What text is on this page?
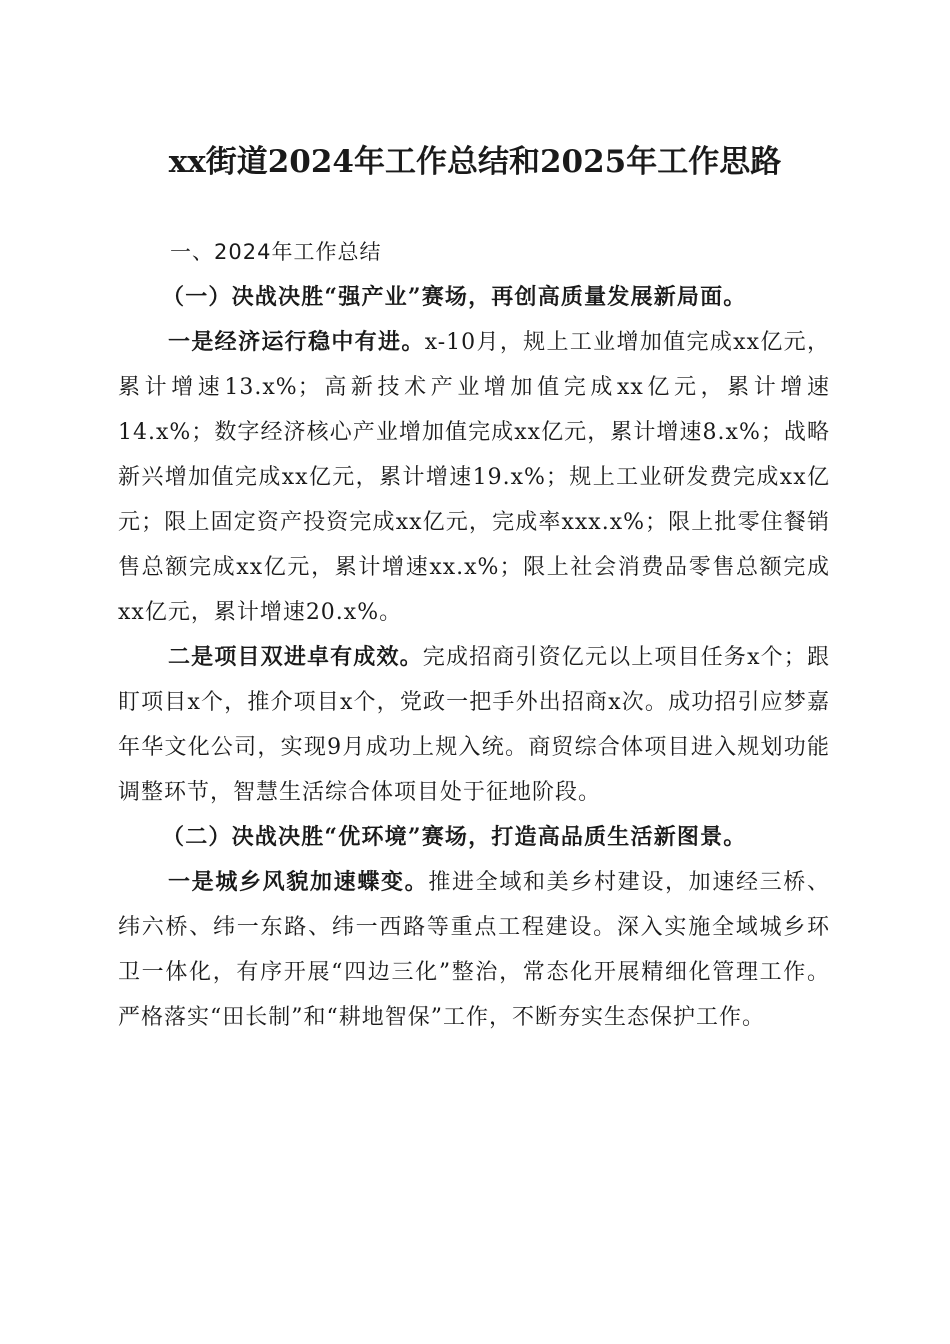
xx街道2024年工作总结和2025年工作思路

一、2024年工作总结

（一）决战决胜“强产业”赛场，再创高质量发展新局面。

一是经济运行稳中有进。x-10月，规上工业增加值完成xx亿元，累计增速13.x%；高新技术产业增加值完成xx亿元，累计增速14.x%；数字经济核心产业增加值完成xx亿元，累计增速8.x%；战略新兴增加值完成xx亿元，累计增速19.x%；规上工业研发费完成xx亿元；限上固定资产投资完成xx亿元，完成率xxx.x%；限上批零住餐销售总额完成xx亿元，累计增速xx.x%；限上社会消费品零售总额完成xx亿元，累计增速20.x%。

二是项目双进卓有成效。完成招商引资亿元以上项目任务x个；跟盯项目x个，推介项目x个，党政一把手外出招商x次。成功招引应梦嘉年华文化公司，实现9月成功上规入统。商贸综合体项目进入规划功能调整环节，智慧生活综合体项目处于征地阶段。

（二）决战决胜“优环境”赛场，打造高品质生活新图景。

一是城乡风貌加速蝶变。推进全域和美乡村建设，加速经三桥、纬六桥、纬一东路、纬一西路等重点工程建设。深入实施全域城乡环卫一体化，有序开展“四边三化”整治，常态化开展精细化管理工作。严格落实“田长制”和“耕地智保”工作，不断夯实生态保护工作。
